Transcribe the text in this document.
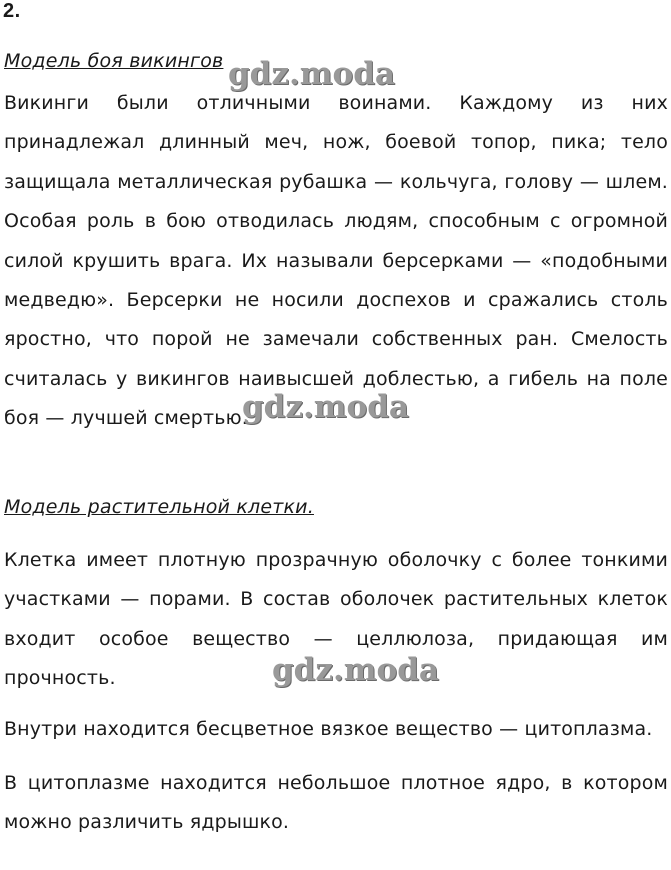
2.
Модель боя викингов

Викинги были отличными воинами. Каждому из них принадлежал длинный меч, нож, боевой топор, пика; тело защищала металлическая рубашка — кольчуга, голову — шлем. Особая роль в бою отводилась людям, способным с огромной силой крушить врага. Их называли берсерками — «подобными медведю». Берсерки не носили доспехов и сражались столь яростно, что порой не замечали собственных ран. Смелость считалась у викингов наивысшей доблестью, а гибель на поле боя — лучшей смертью.

Модель растительной клетки.

Клетка имеет плотную прозрачную оболочку с более тонкими участками — порами. В состав оболочек растительных клеток входит особое вещество — целлюлоза, придающая им прочность.

Внутри находится бесцветное вязкое вещество — цитоплазма.

В цитоплазме находится небольшое плотное ядро, в котором можно различить ядрышко.

gdz.moda
gdz.moda
gdz.moda
